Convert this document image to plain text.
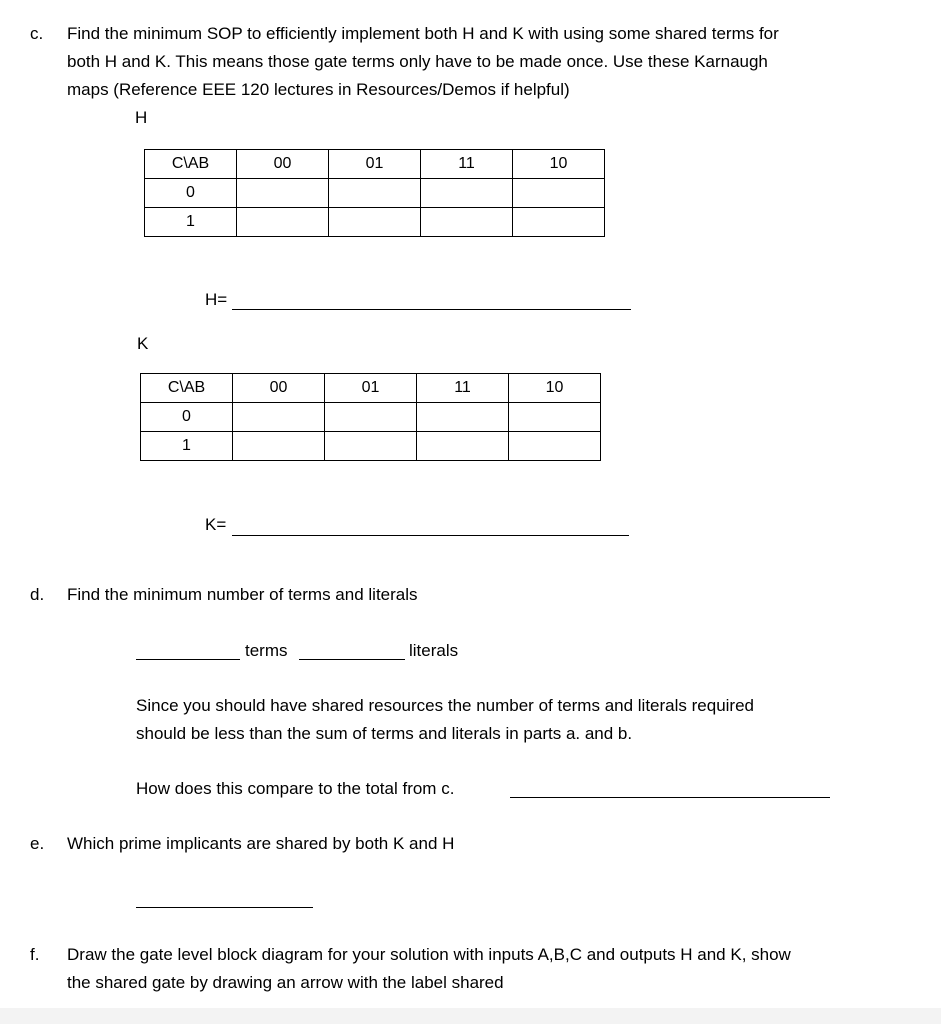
c. Find the minimum SOP to efficiently implement both H and K with using some shared terms for
both H and K. This means those gate terms only have to be made once. Use these Karnaugh
maps (Reference EEE 120 lectures in Resources/Demos if helpful)
H
C\AB	00	01	11	10
0				
1				
H=
K
C\AB	00	01	11	10
0				
1				
K=
d. Find the minimum number of terms and literals
terms	literals
Since you should have shared resources the number of terms and literals required
should be less than the sum of terms and literals in parts a. and b.
How does this compare to the total from c.
e. Which prime implicants are shared by both K and H
f. Draw the gate level block diagram for your solution with inputs A,B,C and outputs H and K, show
the shared gate by drawing an arrow with the label shared
